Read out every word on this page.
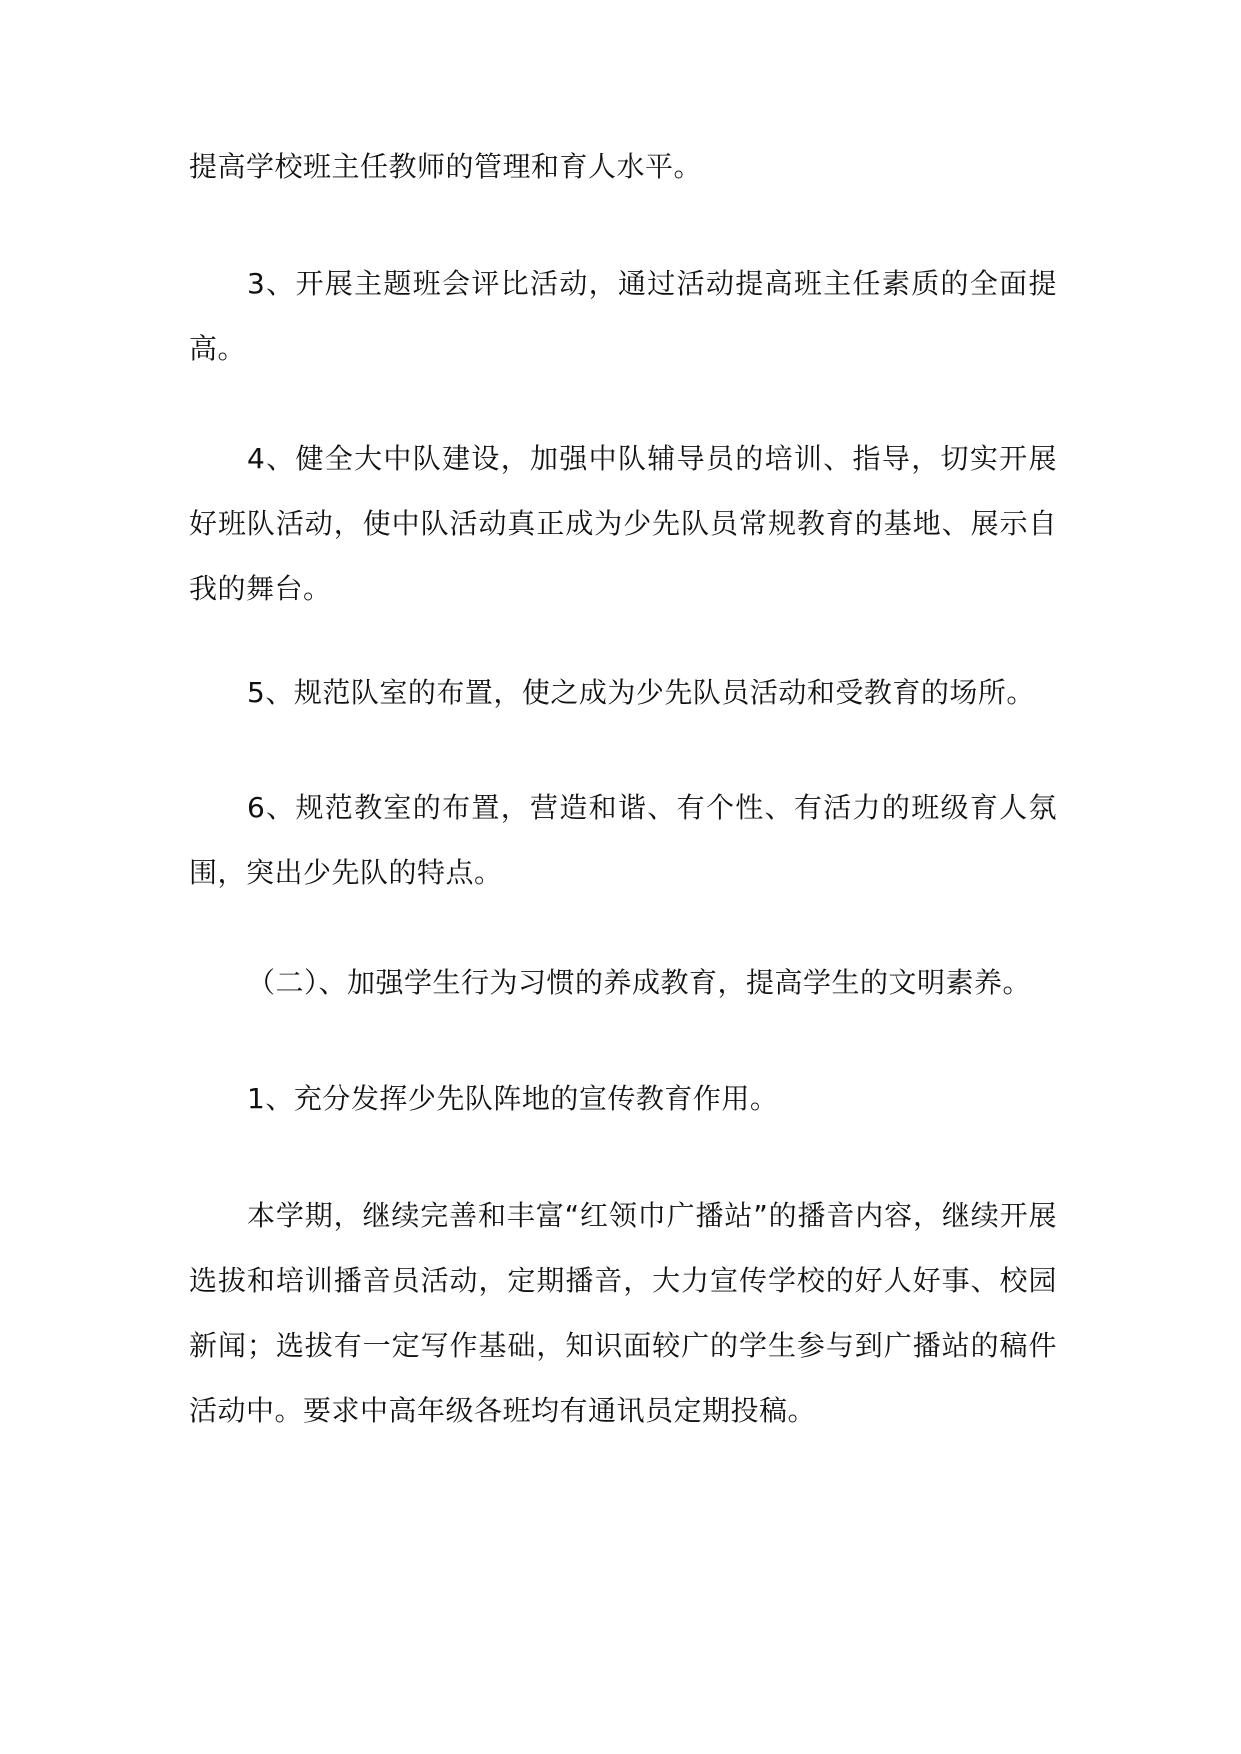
提高学校班主任教师的管理和育人水平。

3、开展主题班会评比活动，通过活动提高班主任素质的全面提高。

4、健全大中队建设，加强中队辅导员的培训、指导，切实开展好班队活动，使中队活动真正成为少先队员常规教育的基地、展示自我的舞台。

5、规范队室的布置，使之成为少先队员活动和受教育的场所。

6、规范教室的布置，营造和谐、有个性、有活力的班级育人氛围，突出少先队的特点。

（二）、加强学生行为习惯的养成教育，提高学生的文明素养。

1、充分发挥少先队阵地的宣传教育作用。

本学期，继续完善和丰富“红领巾广播站”的播音内容，继续开展选拔和培训播音员活动，定期播音，大力宣传学校的好人好事、校园新闻；选拔有一定写作基础，知识面较广的学生参与到广播站的稿件活动中。要求中高年级各班均有通讯员定期投稿。
